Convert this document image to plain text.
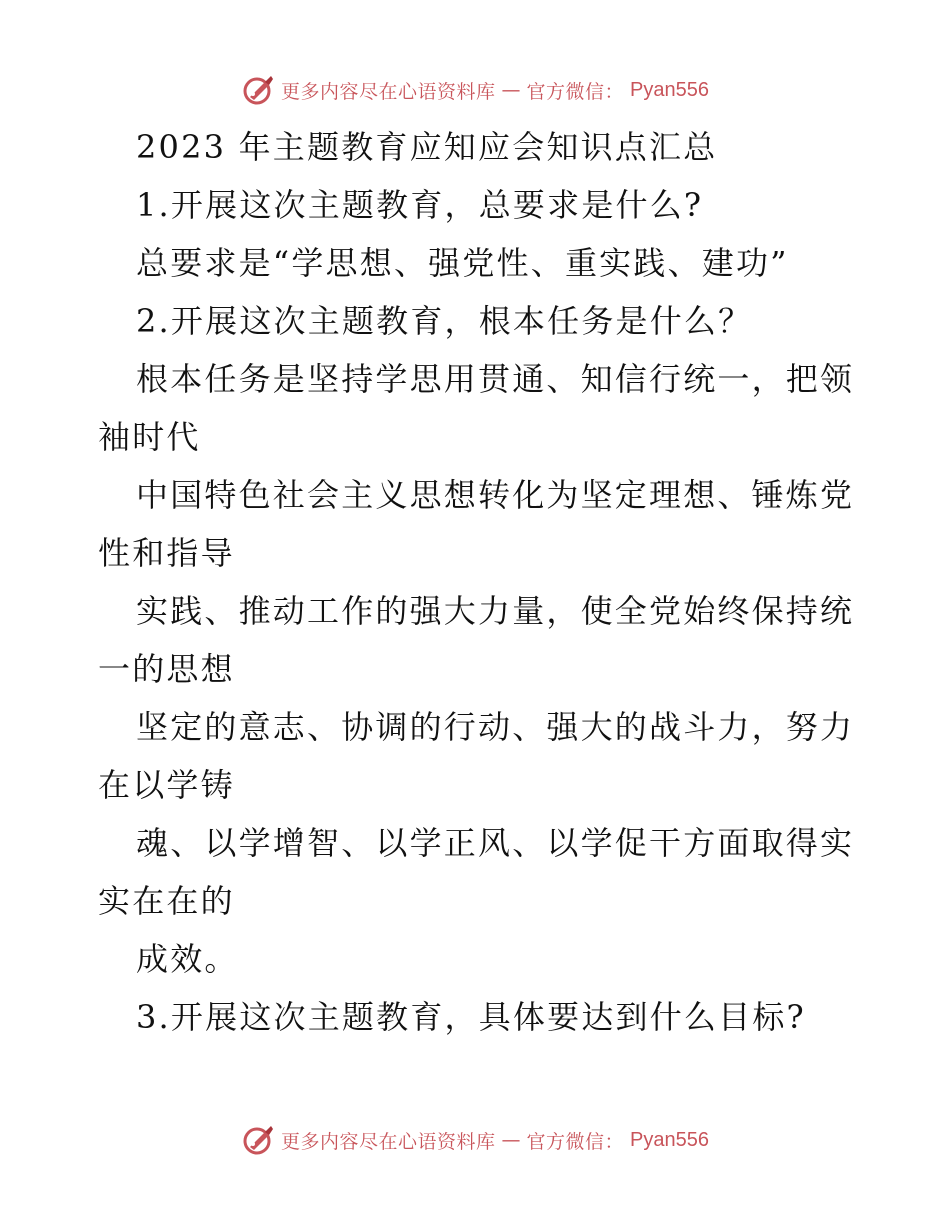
更多内容尽在心语资料库 — 官方微信： Pyan556

2023 年主题教育应知应会知识点汇总

1.开展这次主题教育，总要求是什么?

总要求是“学思想、强党性、重实践、建功”

2.开展这次主题教育，根本任务是什么？

根本任务是坚持学思用贯通、知信行统一，把领

袖时代

中国特色社会主义思想转化为坚定理想、锤炼党

性和指导

实践、推动工作的强大力量，使全党始终保持统

一的思想

坚定的意志、协调的行动、强大的战斗力，努力

在以学铸

魂、以学增智、以学正风、以学促干方面取得实

实在在的

成效。

3.开展这次主题教育，具体要达到什么目标?

更多内容尽在心语资料库 — 官方微信： Pyan556
